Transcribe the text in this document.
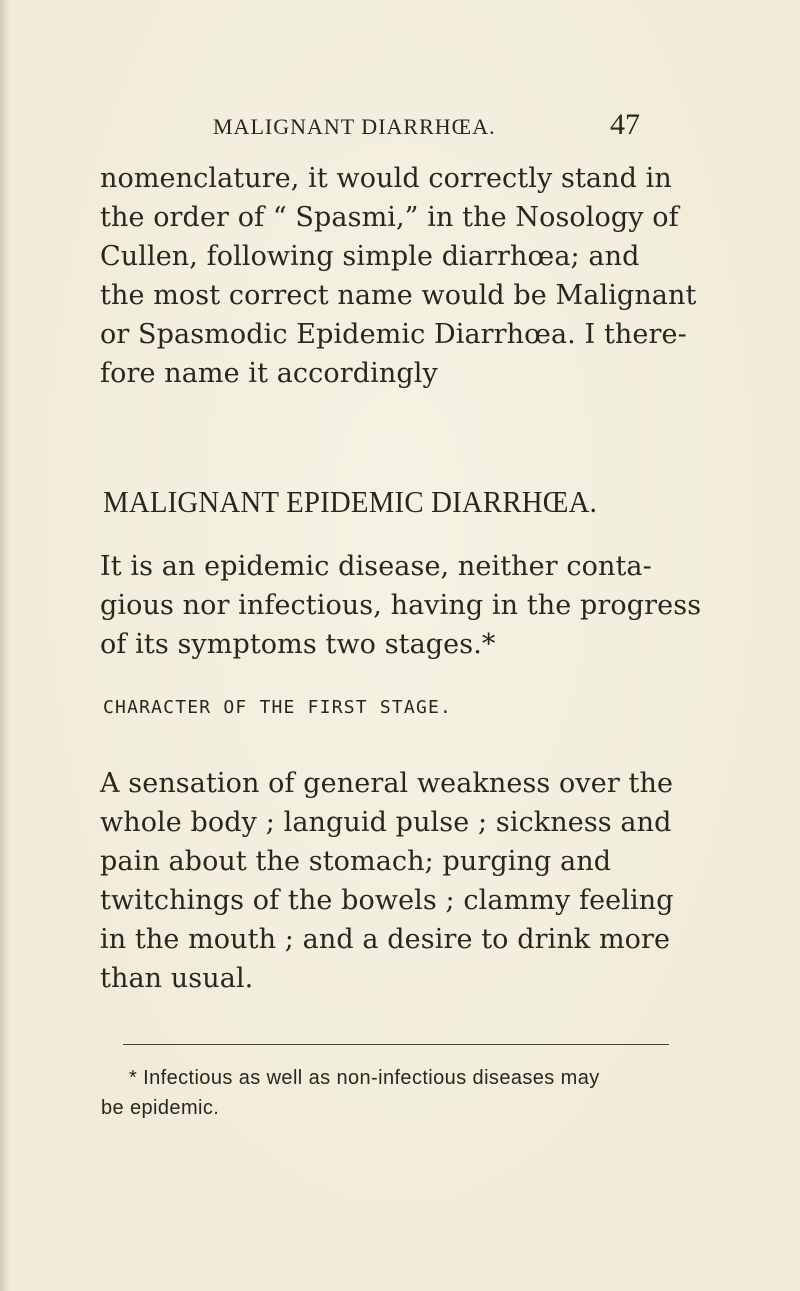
MALIGNANT DIARRHŒA.	47
nomenclature, it would correctly stand in
the order of “ Spasmi,” in the Nosology of
Cullen, following simple diarrhœa; and
the most correct name would be Malignant
or Spasmodic Epidemic Diarrhœa. I there-
fore name it accordingly
MALIGNANT EPIDEMIC DIARRHŒA.
It is an epidemic disease, neither conta-
gious nor infectious, having in the progress
of its symptoms two stages.*
CHARACTER OF THE FIRST STAGE.
A sensation of general weakness over the
whole body ; languid pulse ; sickness and
pain about the stomach; purging and
twitchings of the bowels ; clammy feeling
in the mouth ; and a desire to drink more
than usual.
* Infectious as well as non-infectious diseases may
be epidemic.
